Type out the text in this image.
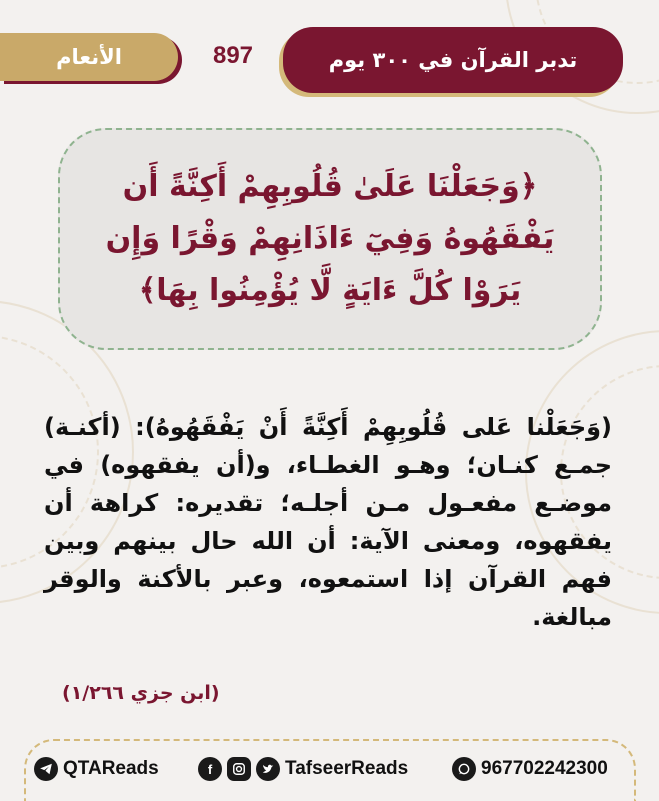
تدبر القرآن في ٣٠٠ يوم
897
الأنعام
﴿وَجَعَلْنَا عَلَىٰ قُلُوبِهِمْ أَكِنَّةً أَن يَفْقَهُوهُ وَفِيٓ ءَاذَانِهِمْ وَقْرًا وَإِن يَرَوْا كُلَّ ءَايَةٍ لَّا يُؤْمِنُوا بِهَا﴾
(وَجَعَلْنا عَلى قُلُوبِهِمْ أَكِنَّةً أَنْ يَفْقَهُوهُ): (أكنـة) جمـع كنـان؛ وهـو الغطـاء، و(أن يفقهوه) في موضـع مفعـول مـن أجلـه؛ تقديره: كراهة أن يفقهوه، ومعنى الآية: أن الله حال بينهم وبين فهم القرآن إذا استمعوه، وعبر بالأكنة والوقر مبالغة.
(ابن جزي ١/٢٦٦)
QTAReads	f	TafseerReads	967702242300
